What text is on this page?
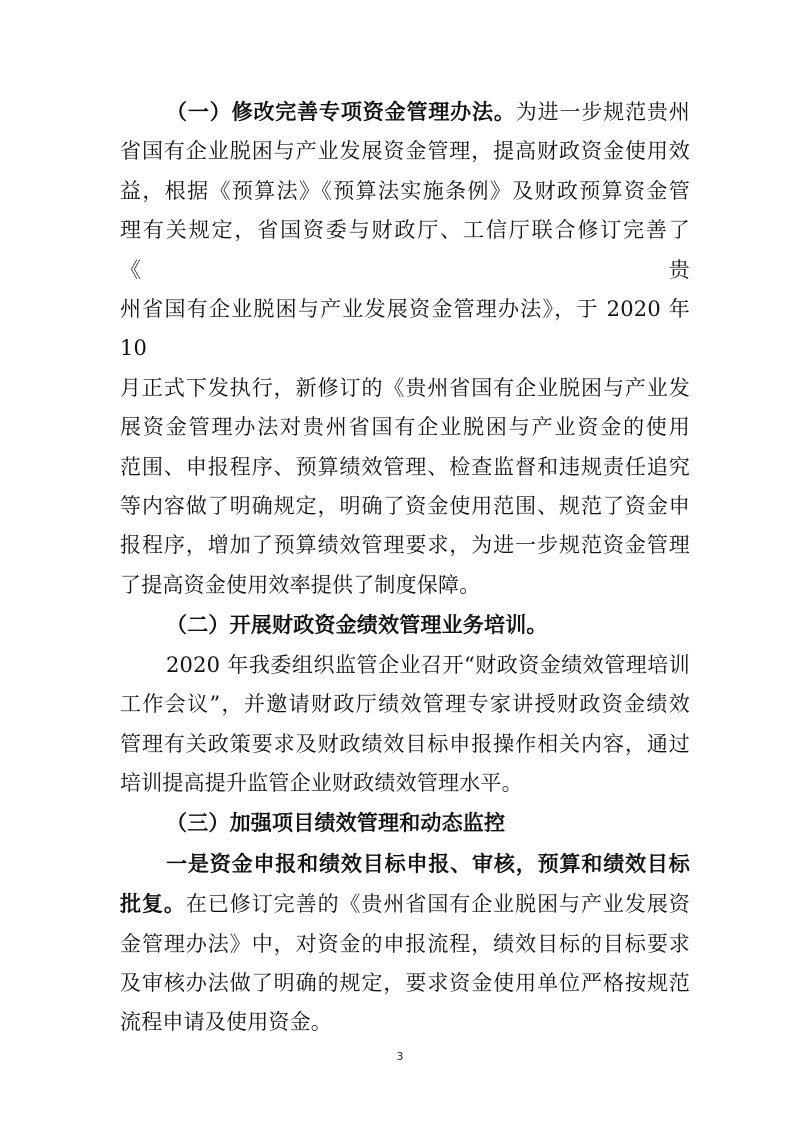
（一）修改完善专项资金管理办法。为进一步规范贵州
省国有企业脱困与产业发展资金管理，提高财政资金使用效
益，根据《预算法》《预算法实施条例》及财政预算资金管
理有关规定，省国资委与财政厅、工信厅联合修订完善了《贵
州省国有企业脱困与产业发展资金管理办法》，于 2020 年 10
月正式下发执行，新修订的《贵州省国有企业脱困与产业发
展资金管理办法对贵州省国有企业脱困与产业资金的使用
范围、申报程序、预算绩效管理、检查监督和违规责任追究
等内容做了明确规定，明确了资金使用范围、规范了资金申
报程序，增加了预算绩效管理要求，为进一步规范资金管理
了提高资金使用效率提供了制度保障。

（二）开展财政资金绩效管理业务培训。

2020 年我委组织监管企业召开“财政资金绩效管理培训
工作会议”，并邀请财政厅绩效管理专家讲授财政资金绩效
管理有关政策要求及财政绩效目标申报操作相关内容，通过
培训提高提升监管企业财政绩效管理水平。

（三）加强项目绩效管理和动态监控

一是资金申报和绩效目标申报、审核，预算和绩效目标
批复。在已修订完善的《贵州省国有企业脱困与产业发展资
金管理办法》中，对资金的申报流程，绩效目标的目标要求
及审核办法做了明确的规定，要求资金使用单位严格按规范
流程申请及使用资金。

3
